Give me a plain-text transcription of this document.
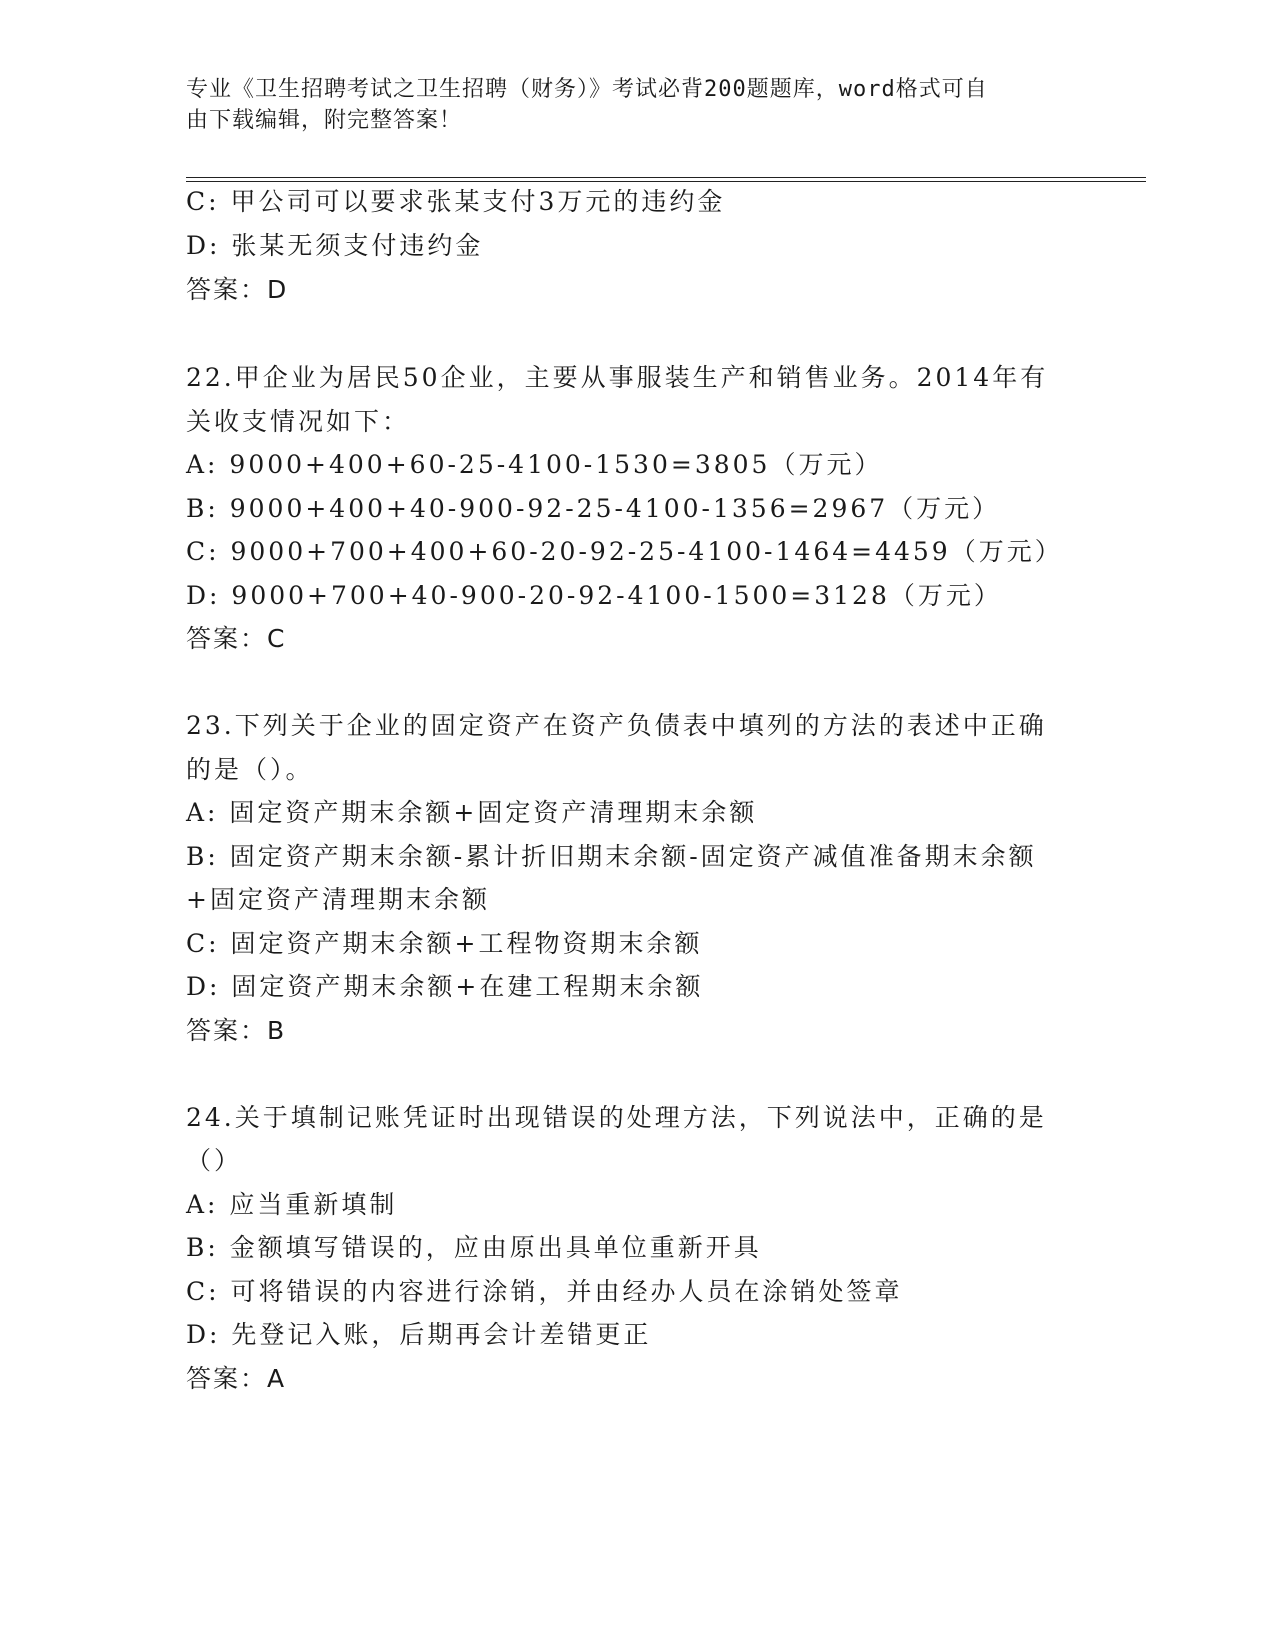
专业《卫生招聘考试之卫生招聘（财务）》考试必背200题题库，word格式可自
由下载编辑，附完整答案！
C: 甲公司可以要求张某支付3万元的违约金
D: 张某无须支付违约金
答案：D
22.甲企业为居民50企业，主要从事服装生产和销售业务。2014年有
关收支情况如下：
A: 9000+400+60-25-4100-1530=3805（万元）
B: 9000+400+40-900-92-25-4100-1356=2967（万元）
C: 9000+700+400+60-20-92-25-4100-1464=4459（万元）
D: 9000+700+40-900-20-92-4100-1500=3128（万元）
答案：C
23.下列关于企业的固定资产在资产负债表中填列的方法的表述中正确
的是（）。
A: 固定资产期末余额+固定资产清理期末余额
B: 固定资产期末余额-累计折旧期末余额-固定资产减值准备期末余额
+固定资产清理期末余额
C: 固定资产期末余额+工程物资期末余额
D: 固定资产期末余额+在建工程期末余额
答案：B
24.关于填制记账凭证时出现错误的处理方法，下列说法中，正确的是
（）
A: 应当重新填制
B: 金额填写错误的，应由原出具单位重新开具
C: 可将错误的内容进行涂销，并由经办人员在涂销处签章
D: 先登记入账，后期再会计差错更正
答案：A
